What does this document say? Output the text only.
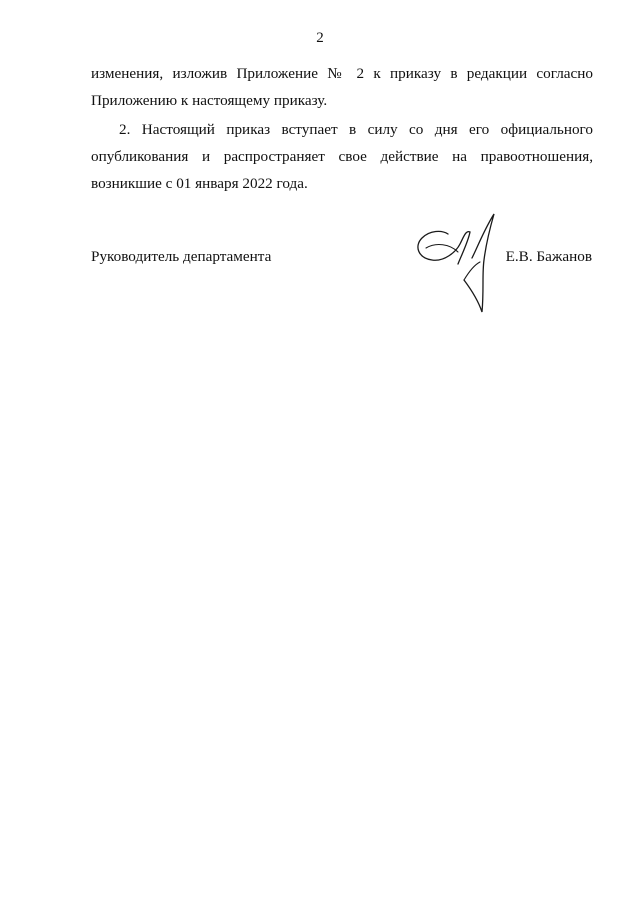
2
изменения, изложив Приложение № 2 к приказу в редакции согласно
Приложению к настоящему приказу.
2. Настоящий приказ вступает в силу со дня его официального
опубликования и распространяет свое действие на правоотношения,
возникшие с 01 января 2022 года.
Руководитель департамента	Е.В. Бажанов
